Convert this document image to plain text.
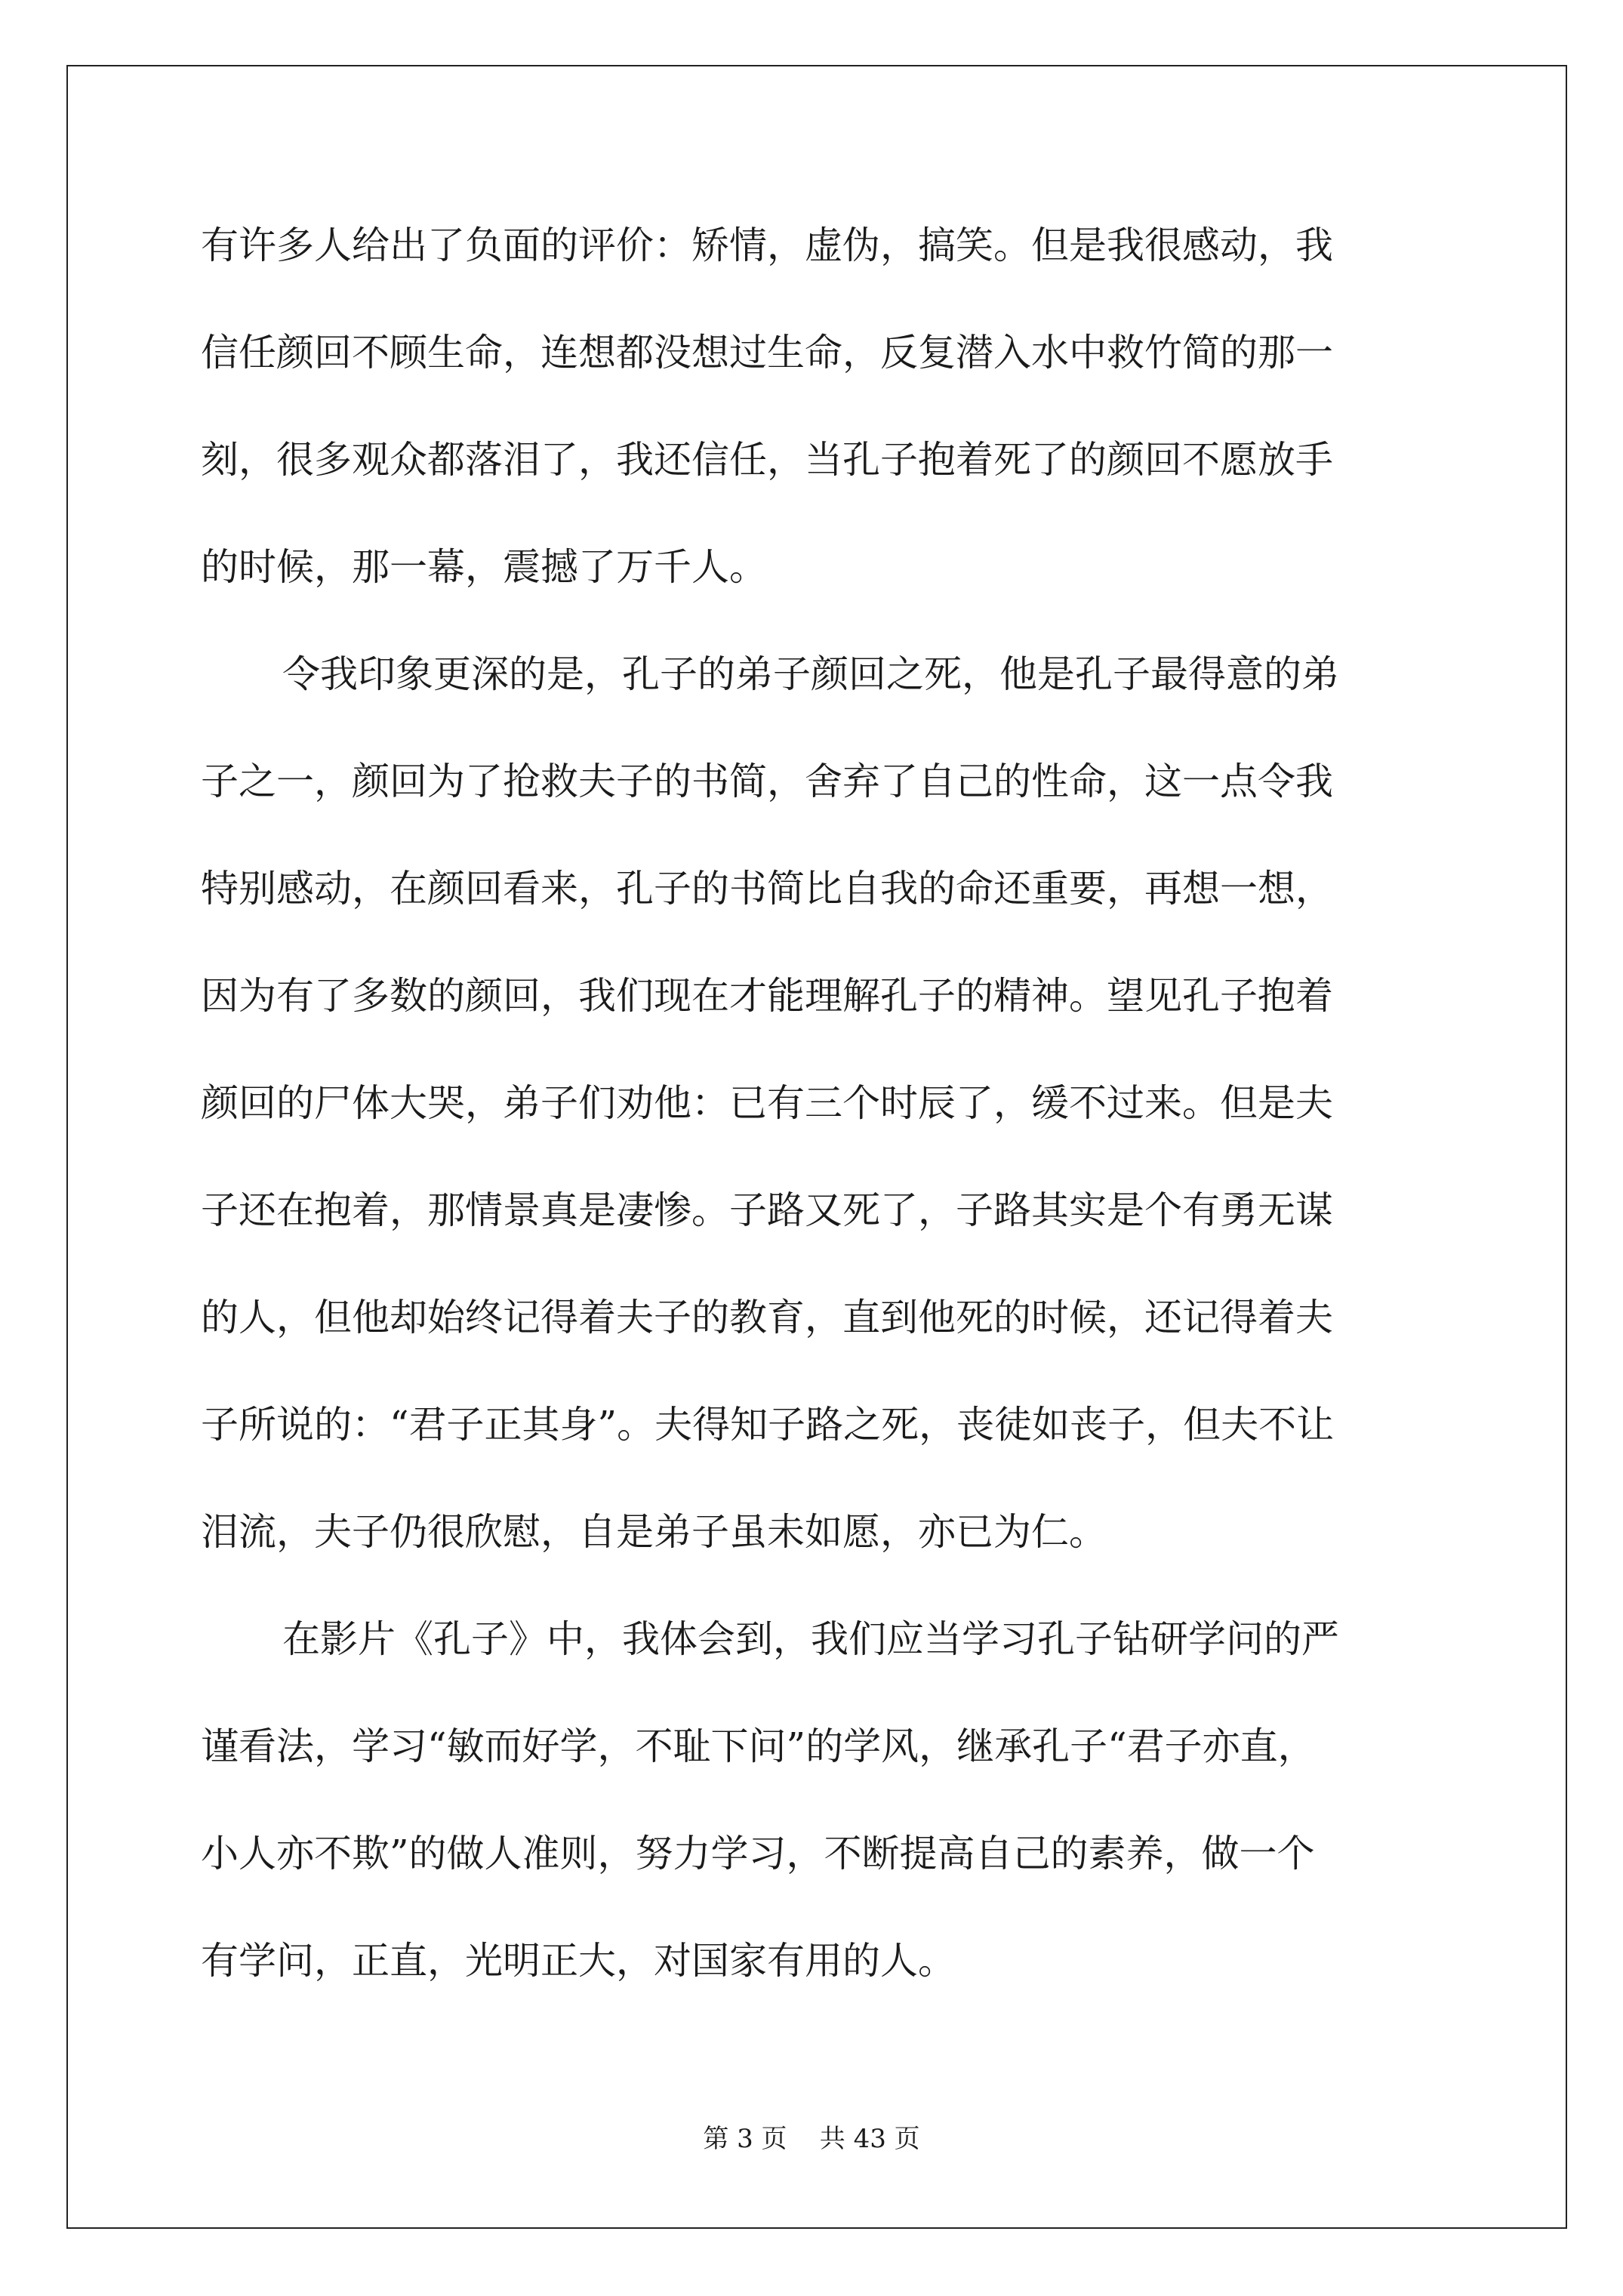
有许多人给出了负面的评价：矫情，虚伪，搞笑。但是我很感动，我
信任颜回不顾生命，连想都没想过生命，反复潜入水中救竹简的那一
刻，很多观众都落泪了，我还信任，当孔子抱着死了的颜回不愿放手
的时候，那一幕，震撼了万千人。
令我印象更深的是，孔子的弟子颜回之死，他是孔子最得意的弟
子之一，颜回为了抢救夫子的书简，舍弃了自己的性命，这一点令我
特别感动，在颜回看来，孔子的书简比自我的命还重要，再想一想，
因为有了多数的颜回，我们现在才能理解孔子的精神。望见孔子抱着
颜回的尸体大哭，弟子们劝他：已有三个时辰了，缓不过来。但是夫
子还在抱着，那情景真是凄惨。子路又死了，子路其实是个有勇无谋
的人，但他却始终记得着夫子的教育，直到他死的时候，还记得着夫
子所说的：“君子正其身”。夫得知子路之死，丧徒如丧子，但夫不让
泪流，夫子仍很欣慰，自是弟子虽未如愿，亦已为仁。
在影片《孔子》中，我体会到，我们应当学习孔子钻研学问的严
谨看法，学习“敏而好学，不耻下问”的学风，继承孔子“君子亦直，
小人亦不欺”的做人准则，努力学习，不断提高自己的素养，做一个
有学问，正直，光明正大，对国家有用的人。
第 3 页    共 43 页
